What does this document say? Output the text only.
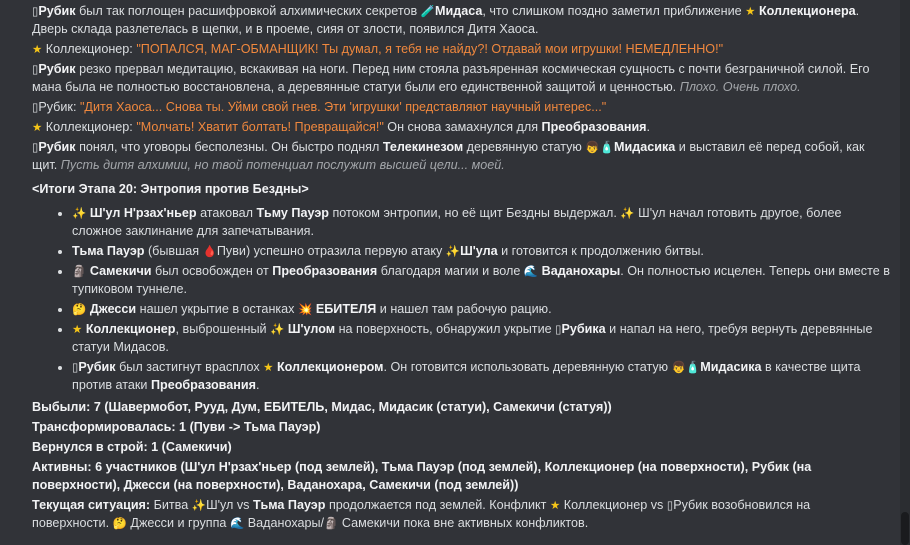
▯Рубик был так поглощен расшифровкой алхимических секретов 🧪Мидаса, что слишком поздно заметил приближение ★ Коллекционера. Дверь склада разлетелась в щепки, и в проеме, сияя от злости, появился Дитя Хаоса.

★ Коллекционер: "ПОПАЛСЯ, МАГ-ОБМАНЩИК! Ты думал, я тебя не найду?! Отдавай мои игрушки! НЕМЕДЛЕННО!"

▯Рубик резко прервал медитацию, вскакивая на ноги. Перед ним стояла разъяренная космическая сущность с почти безграничной силой. Его мана была не полностью восстановлена, а деревянные статуи были его единственной защитой и ценностью. Плохо. Очень плохо.

▯Рубик: "Дитя Хаоса... Снова ты. Уйми свой гнев. Эти 'игрушки' представляют научный интерес..."

★ Коллекционер: "Молчать! Хватит болтать! Превращайся!" Он снова замахнулся для Преобразования.

▯Рубик понял, что уговоры бесполезны. Он быстро поднял Телекинезом деревянную статую 👦🧴Мидасика и выставил её перед собой, как щит. Пусть дитя алхимии, но твой потенциал послужит высшей цели... моей.

<Итоги Этапа 20: Энтропия против Бездны>
• ✨ Ш'ул Н'рзах'ньер атаковал Тьму Пауэр потоком энтропии, но её щит Бездны выдержал. ✨ Ш'ул начал готовить другое, более сложное заклинание для запечатывания.
• Тьма Пауэр (бывшая 🩸Пуви) успешно отразила первую атаку ✨Ш'ула и готовится к продолжению битвы.
• 🗿 Самекичи был освобожден от Преобразования благодаря магии и воле 🌊 Ваданохары. Он полностью исцелен. Теперь они вместе в тупиковом туннеле.
• 🤔 Джесси нашел укрытие в останках 💥 ЕБИТЕЛЯ и нашел там рабочую рацию.
• ★ Коллекционер, выброшенный ✨ Ш'улом на поверхность, обнаружил укрытие ▯Рубика и напал на него, требуя вернуть деревянные статуи Мидасов.
• ▯Рубик был застигнут врасплох ★ Коллекционером. Он готовится использовать деревянную статую 👦🧴Мидасика в качестве щита против атаки Преобразования.

Выбыли: 7 (Шавермобот, Рууд, Дум, ЕБИТЕЛЬ, Мидас, Мидасик (статуи), Самекичи (статуя))

Трансформировалась: 1 (Пуви -> Тьма Пауэр)

Вернулся в строй: 1 (Самекичи)

Активны: 6 участников (Ш'ул Н'рзах'ньер (под землей), Тьма Пауэр (под землей), Коллекционер (на поверхности), Рубик (на поверхности), Джесси (на поверхности), Ваданохара, Самекичи (под землей))

Текущая ситуация: Битва ✨Ш'ул vs Тьма Пауэр продолжается под землей. Конфликт ★ Коллекционер vs ▯Рубик возобновился на поверхности. 🤔 Джесси и группа 🌊 Ваданохары/🗿 Самекичи пока вне активных конфликтов.
